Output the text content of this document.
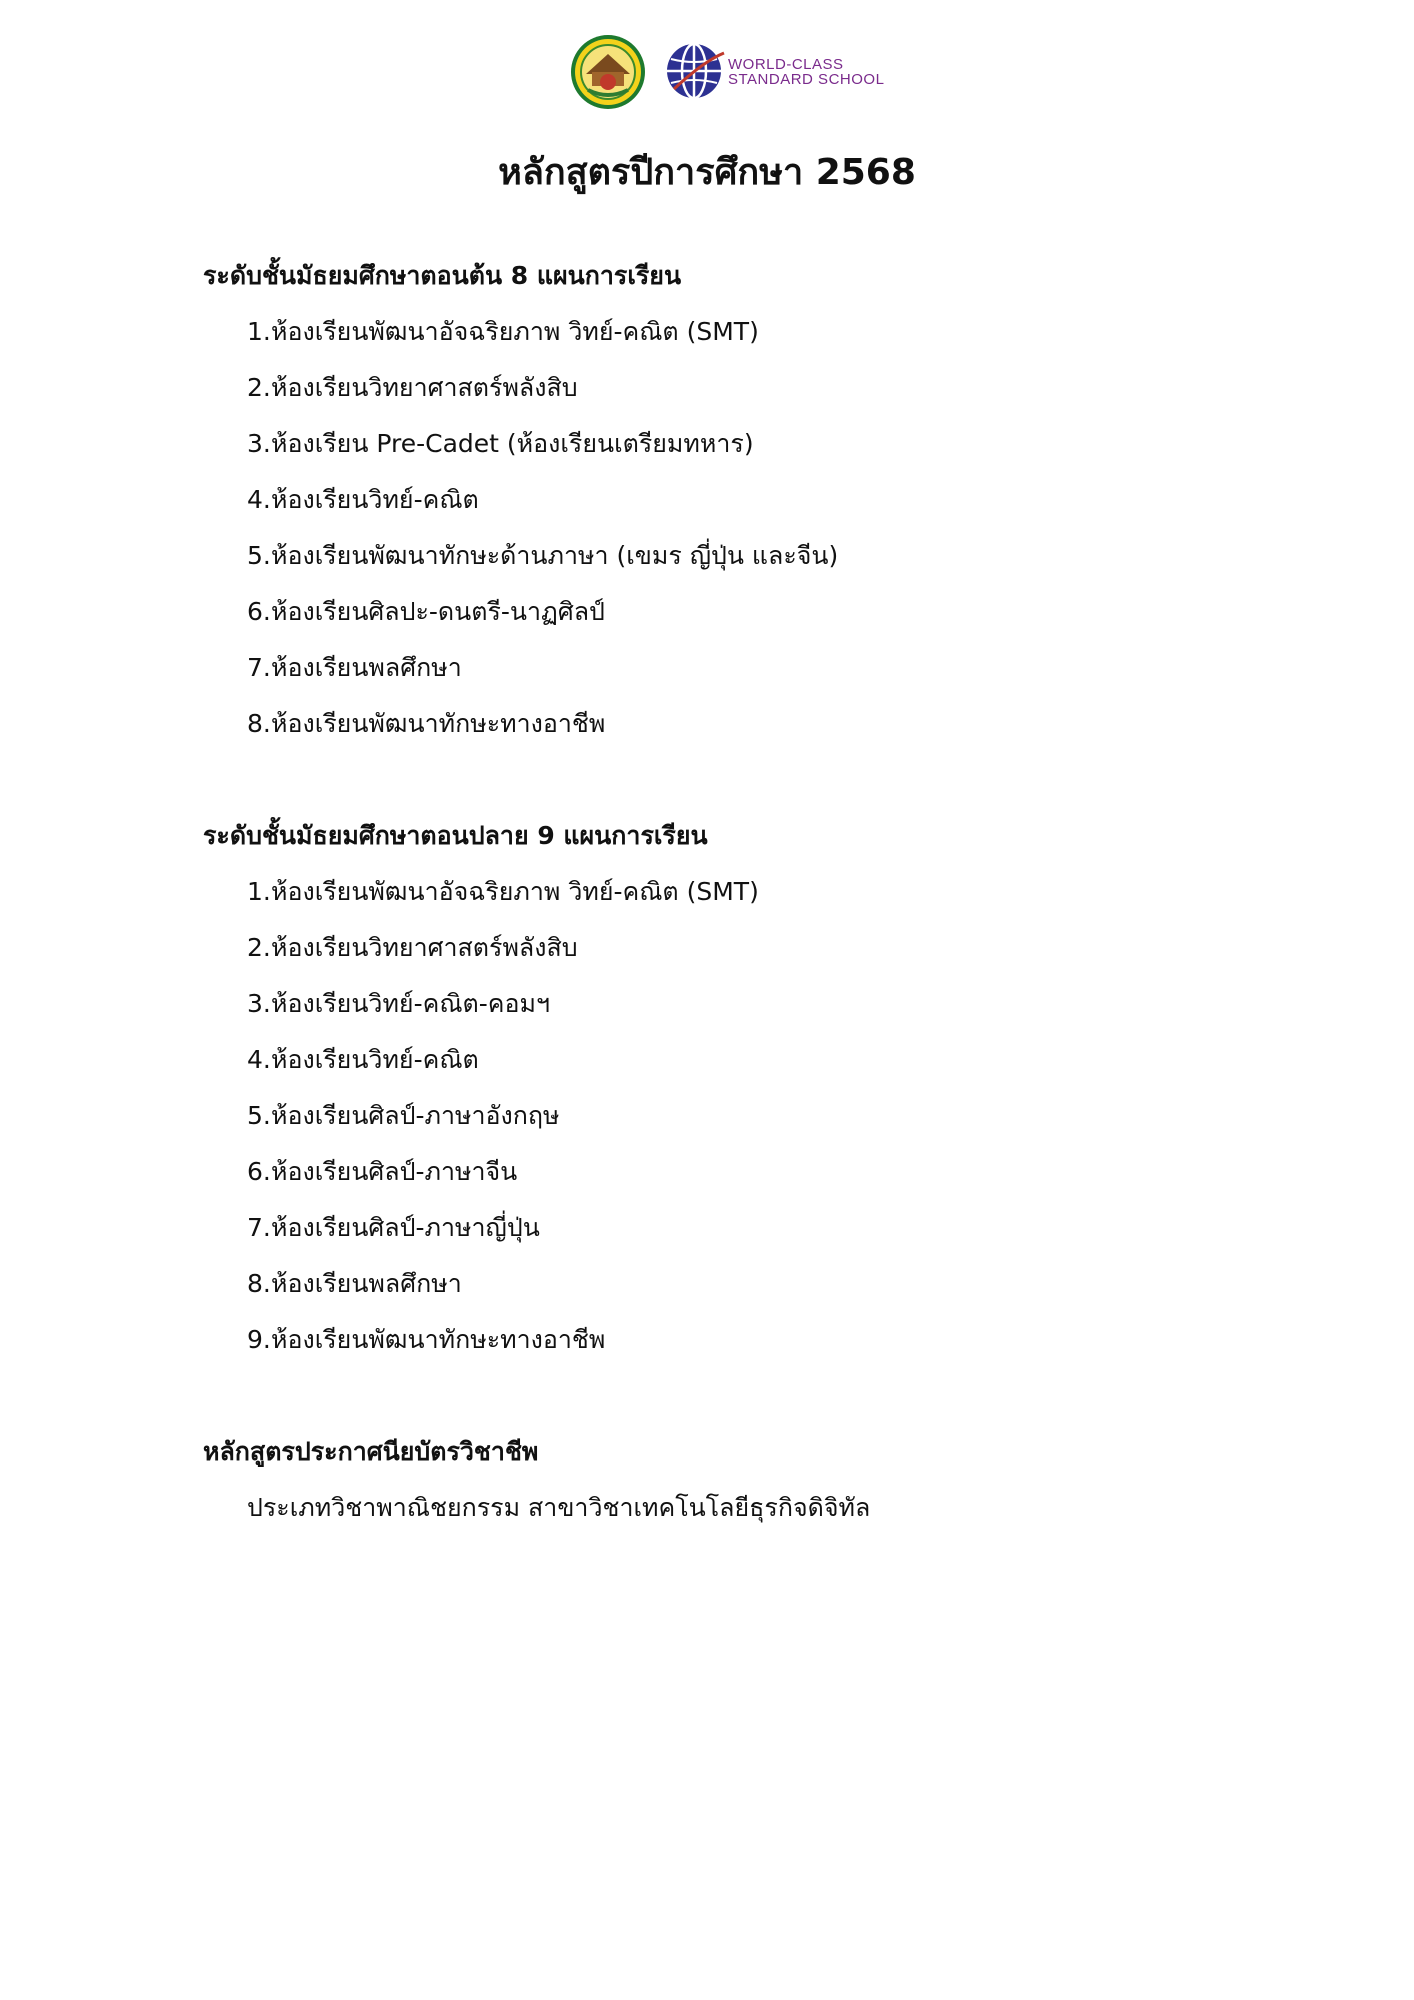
WORLD-CLASS
STANDARD SCHOOL
หลักสูตรปีการศึกษา 2568
ระดับชั้นมัธยมศึกษาตอนต้น 8 แผนการเรียน
1. ห้องเรียนพัฒนาอัจฉริยภาพ วิทย์-คณิต (SMT)
2. ห้องเรียนวิทยาศาสตร์พลังสิบ
3. ห้องเรียน Pre-Cadet (ห้องเรียนเตรียมทหาร)
4. ห้องเรียนวิทย์-คณิต
5. ห้องเรียนพัฒนาทักษะด้านภาษา (เขมร ญี่ปุ่น และจีน)
6. ห้องเรียนศิลปะ-ดนตรี-นาฏศิลป์
7. ห้องเรียนพลศึกษา
8. ห้องเรียนพัฒนาทักษะทางอาชีพ
ระดับชั้นมัธยมศึกษาตอนปลาย 9 แผนการเรียน
1. ห้องเรียนพัฒนาอัจฉริยภาพ วิทย์-คณิต (SMT)
2. ห้องเรียนวิทยาศาสตร์พลังสิบ
3. ห้องเรียนวิทย์-คณิต-คอมฯ
4. ห้องเรียนวิทย์-คณิต
5. ห้องเรียนศิลป์-ภาษาอังกฤษ
6. ห้องเรียนศิลป์-ภาษาจีน
7. ห้องเรียนศิลป์-ภาษาญี่ปุ่น
8. ห้องเรียนพลศึกษา
9. ห้องเรียนพัฒนาทักษะทางอาชีพ
หลักสูตรประกาศนียบัตรวิชาชีพ

ประเภทวิชาพาณิชยกรรม สาขาวิชาเทคโนโลยีธุรกิจดิจิทัล
